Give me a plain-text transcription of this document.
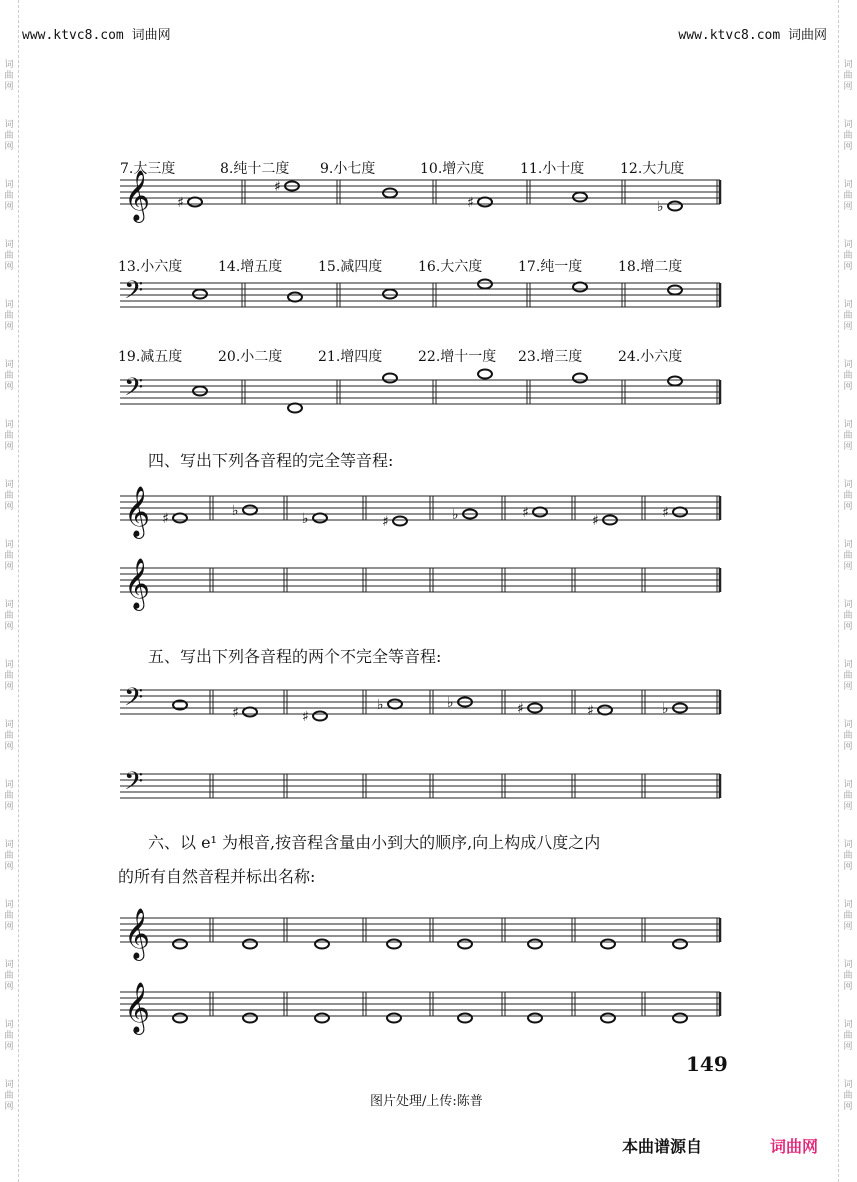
www.ktvc8.com 词曲网	www.ktvc8.com 词曲网
词
曲
网
词
曲
网
词
曲
网
词
曲
网
词
曲
网
词
曲
网
词
曲
网
词
曲
网
词
曲
网
词
曲
网
词
曲
网
词
曲
网
词
曲
网
词
曲
网
词
曲
网
词
曲
网
词
曲
网
词
曲
网
词
曲
网
词
曲
网
词
曲
网
词
曲
网
词
曲
网
词
曲
网
词
曲
网
词
曲
网
词
曲
网
词
曲
网
词
曲
网
词
曲
网
词
曲
网
词
曲
网
词
曲
网
词
曲
网
词
曲
网
词
曲
网
7.大三度	8.纯十二度	9.小七度	10.增六度	11.小十度	12.大九度
13.小六度	14.增五度	15.减四度	16.大六度	17.纯一度	18.增二度
19.减五度	20.小二度	21.增四度	22.增十一度	23.增三度	24.小六度
四、写出下列各音程的完全等音程:
五、写出下列各音程的两个不完全等音程:
六、以 e¹ 为根音,按音程含量由小到大的顺序,向上构成八度之内
的所有自然音程并标出名称:
𝄞 ♯
♯
♯	♭
𝄢
𝄢
𝄞 ♯	♭	♭	♯	♭	♯	♯	♯
𝄞
𝄢	♯	♯
♭	♭	♯	♯	♭
𝄢
𝄞
𝄞
149
图片处理/上传:陈普
本曲谱源自	词曲网
